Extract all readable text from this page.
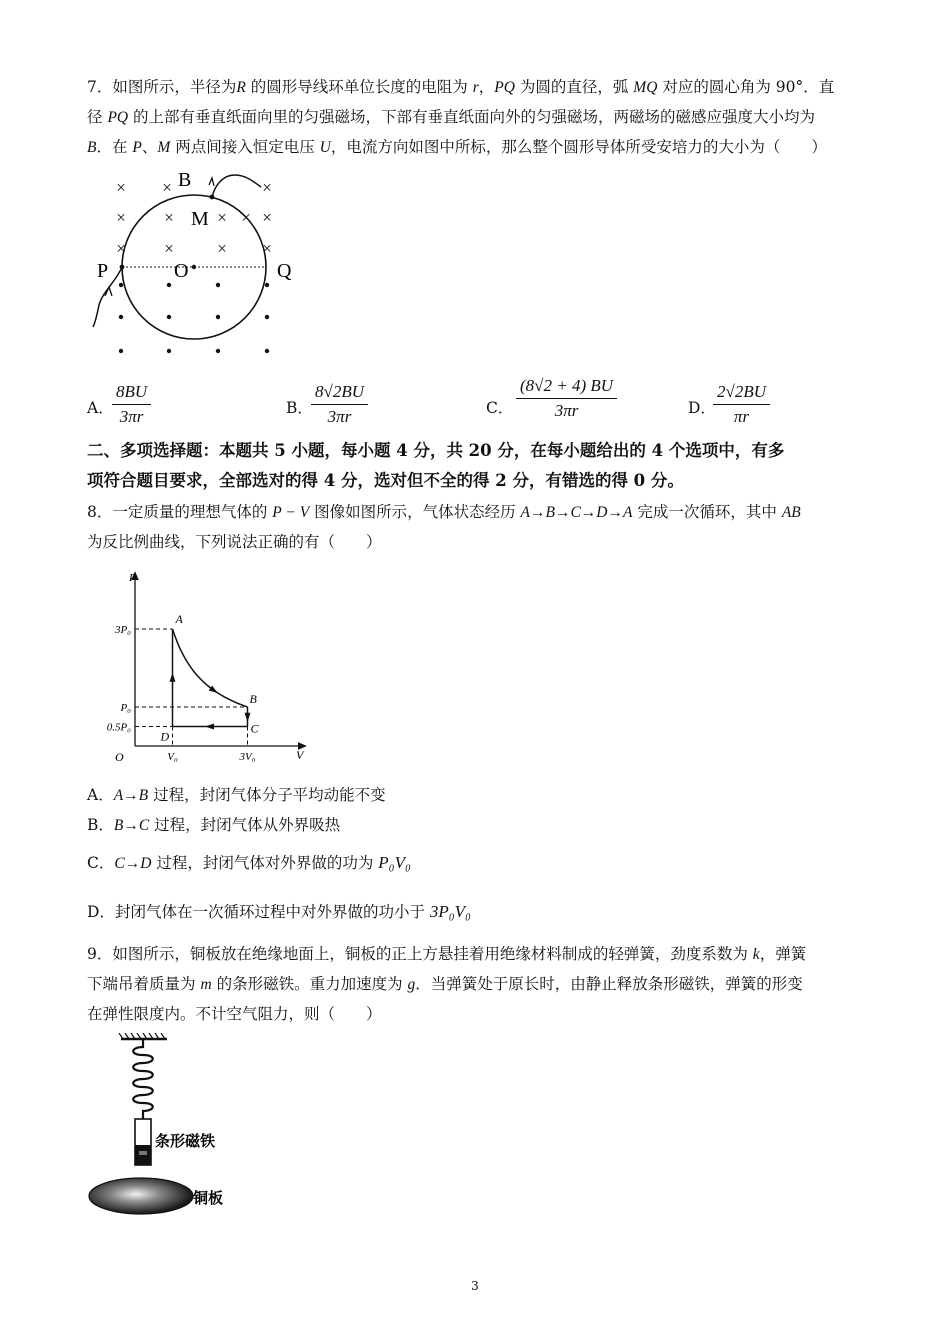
7．如图所示，半径为R 的圆形导线环单位长度的电阻为 r，PQ 为圆的直径，弧 MQ 对应的圆心角为 90°．直
径 PQ 的上部有垂直纸面向里的匀强磁场，下部有垂直纸面向外的匀强磁场，两磁场的磁感应强度大小均为
B．在 P、M 两点间接入恒定电压 U，电流方向如图中所标，那么整个圆形导体所受安培力的大小为（　　）
× ×	×
× ×	× × ×
× ×	× ×
B
M
O
P	Q
A．
$\frac{8BU}{3\pi r}$	B．
$\frac{8√2BU}{3\pi r}$	C． $\frac{(8√2 + 4) BU}{3\pi r}$	D．
$\frac{2√2BU}{\pi r}$
二、多项选择题：本题共 5 小题，每小题 4 分，共 20 分，在每小题给出的 4 个选项中，有多
项符合题目要求，全部选对的得 4 分，选对但不全的得 2 分，有错选的得 0 分。
8．一定质量的理想气体的 P − V 图像如图所示，气体状态经历 A→B→C→D→A 完成一次循环，其中 AB
为反比例曲线，下列说法正确的有（　　）
P
V
O
A
B
C
D
3P₀
P₀
0.5P₀
V₀	3V₀
A．A→B 过程，封闭气体分子平均动能不变
B．B→C 过程，封闭气体从外界吸热
C．C→D 过程，封闭气体对外界做的功为 P₀V₀
D．封闭气体在一次循环过程中对外界做的功小于 3P₀V₀
9．如图所示，铜板放在绝缘地面上，铜板的正上方悬挂着用绝缘材料制成的轻弹簧，劲度系数为 k，弹簧
下端吊着质量为 m 的条形磁铁。重力加速度为 g．当弹簧处于原长时，由静止释放条形磁铁，弹簧的形变
在弹性限度内。不计空气阻力，则（　　）
条形磁铁
铜板
3
